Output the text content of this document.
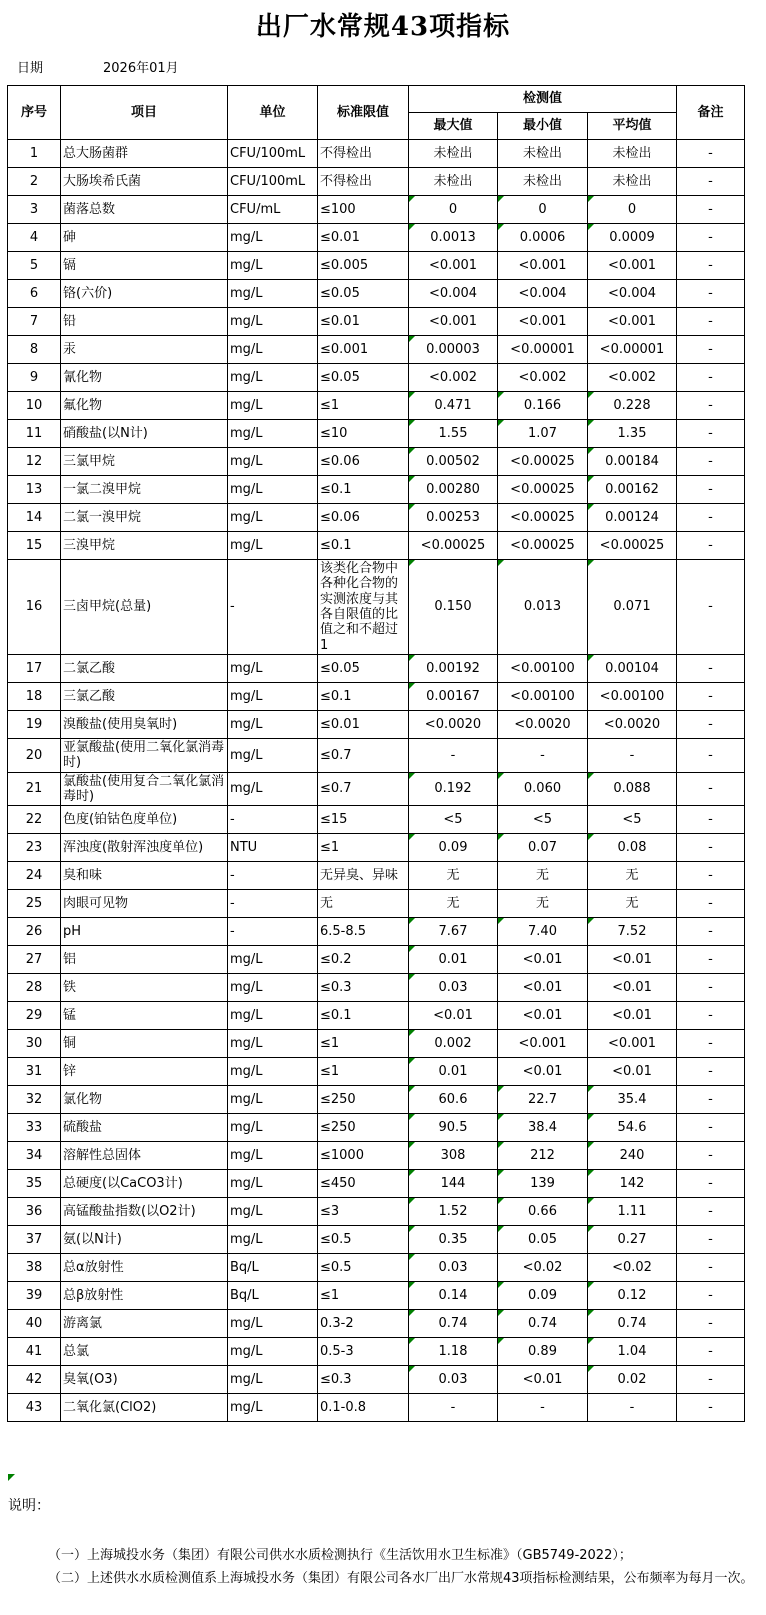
出厂水常规43项指标
日期	2026年01月
序号	项目	单位	标准限值	检测值			备注
				最大值	最小值	平均值	
1	总大肠菌群	CFU/100mL	不得检出	未检出	未检出	未检出	-
2	大肠埃希氏菌	CFU/100mL	不得检出	未检出	未检出	未检出	-
3	菌落总数	CFU/mL	≤100	0	0	0	-
4	砷	mg/L	≤0.01	0.0013	0.0006	0.0009	-
5	镉	mg/L	≤0.005	<0.001	<0.001	<0.001	-
6	铬(六价)	mg/L	≤0.05	<0.004	<0.004	<0.004	-
7	铅	mg/L	≤0.01	<0.001	<0.001	<0.001	-
8	汞	mg/L	≤0.001	0.00003	<0.00001	<0.00001	-
9	氰化物	mg/L	≤0.05	<0.002	<0.002	<0.002	-
10	氟化物	mg/L	≤1	0.471	0.166	0.228	-
11	硝酸盐(以N计)	mg/L	≤10	1.55	1.07	1.35	-
12	三氯甲烷	mg/L	≤0.06	0.00502	<0.00025	0.00184	-
13	一氯二溴甲烷	mg/L	≤0.1	0.00280	<0.00025	0.00162	-
14	二氯一溴甲烷	mg/L	≤0.06	0.00253	<0.00025	0.00124	-
15	三溴甲烷	mg/L	≤0.1	<0.00025	<0.00025	<0.00025	-
16	三卤甲烷(总量)	-	该类化合物中各种化合物的实测浓度与其各自限值的比值之和不超过1	0.150	0.013	0.071	-
17	二氯乙酸	mg/L	≤0.05	0.00192	<0.00100	0.00104	-
18	三氯乙酸	mg/L	≤0.1	0.00167	<0.00100	<0.00100	-
19	溴酸盐(使用臭氧时)	mg/L	≤0.01	<0.0020	<0.0020	<0.0020	-
20	亚氯酸盐(使用二氧化氯消毒时)	mg/L	≤0.7	-	-	-	-
21	氯酸盐(使用复合二氧化氯消毒时)	mg/L	≤0.7	0.192	0.060	0.088	-
22	色度(铂钴色度单位)	-	≤15	<5	<5	<5	-
23	浑浊度(散射浑浊度单位)	NTU	≤1	0.09	0.07	0.08	-
24	臭和味	-	无异臭、异味	无	无	无	-
25	肉眼可见物	-	无	无	无	无	-
26	pH	-	6.5-8.5	7.67	7.40	7.52	-
27	铝	mg/L	≤0.2	0.01	<0.01	<0.01	-
28	铁	mg/L	≤0.3	0.03	<0.01	<0.01	-
29	锰	mg/L	≤0.1	<0.01	<0.01	<0.01	-
30	铜	mg/L	≤1	0.002	<0.001	<0.001	-
31	锌	mg/L	≤1	0.01	<0.01	<0.01	-
32	氯化物	mg/L	≤250	60.6	22.7	35.4	-
33	硫酸盐	mg/L	≤250	90.5	38.4	54.6	-
34	溶解性总固体	mg/L	≤1000	308	212	240	-
35	总硬度(以CaCO3计)	mg/L	≤450	144	139	142	-
36	高锰酸盐指数(以O2计)	mg/L	≤3	1.52	0.66	1.11	-
37	氨(以N计)	mg/L	≤0.5	0.35	0.05	0.27	-
38	总α放射性	Bq/L	≤0.5	0.03	<0.02	<0.02	-
39	总β放射性	Bq/L	≤1	0.14	0.09	0.12	-
40	游离氯	mg/L	0.3-2	0.74	0.74	0.74	-
41	总氯	mg/L	0.5-3	1.18	0.89	1.04	-
42	臭氧(O3)	mg/L	≤0.3	0.03	<0.01	0.02	-
43	二氧化氯(ClO2)	mg/L	0.1-0.8	-	-	-	-

说明：

（一）上海城投水务（集团）有限公司供水水质检测执行《生活饮用水卫生标准》（GB5749-2022）；

（二）上述供水水质检测值系上海城投水务（集团）有限公司各水厂出厂水常规43项指标检测结果，公布频率为每月一次。
